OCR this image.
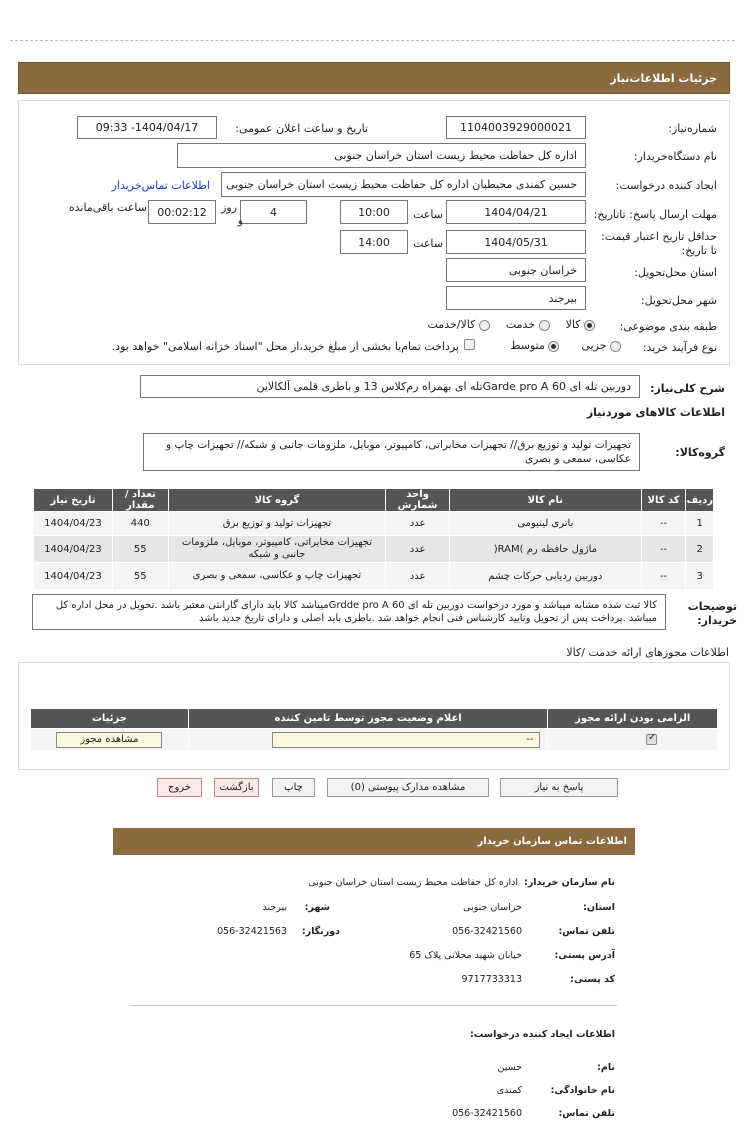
جزئیات اطلاعات‌نیاز
شماره‌نیاز:
1104003929000021
تاریخ و ساعت اعلان عمومی:
1404/04/17- 09:33
نام دستگاه‌خریدار:
اداره کل حفاظت محیط زیست استان خراسان جنوبی
ایجاد کننده درخواست:
حسین کمندی محیطبان اداره کل حفاظت محیط زیست استان خراسان جنوبی
اطلاعات تماس‌خریدار
مهلت ارسال پاسخ: تاتاریخ:
1404/04/21
ساعت
10:00
4
روز
و
00:02:12
ساعت باقی‌مانده
حداقل تاریخ اعتبار قیمت: تا تاریخ:
1404/05/31
ساعت
14:00
استان محل‌تحویل:
خراسان جنوبی
شهر محل‌تحویل:
بیرجند
طبقه بندی موضوعی:
کالا
خدمت
کالا/خدمت
نوع فرآیند خرید:
جزیی
متوسط
پرداخت تمام‌یا بخشی از مبلغ خرید،از محل "اسناد خزانه اسلامی" خواهد بود.
شرح کلی‌نیاز:
دوربین تله ای Garde pro A 60تله ای بهمراه رم‌کلاس 13 و باطری قلمی آلکالاین
اطلاعات کالاهای موردنیاز
گروه‌کالا:
تجهیزات تولید و توزیع برق// تجهیزات مخابراتی، کامپیوتر، موبایل، ملزومات جانبی و شبکه// تجهیزات چاپ و عکاسی، سمعی و بصری
ردیف	کد کالا	نام کالا	واحد شمارش	گروه کالا	تعداد / مقدار	تاریخ نیاز
1	--	باتری لیتیومی	عدد	تجهیزات تولید و توزیع برق	440	1404/04/23
2	--	ماژول حافظه رم )RAM(	عدد	تجهیزات مخابراتی، کامپیوتر، موبایل، ملزومات جانبی و شبکه	55	1404/04/23
3	--	دوربین ردیابی حرکات چشم	عدد	تجهیزات چاپ و عکاسی، سمعی و بصری	55	1404/04/23
توضیحات خریدار:
کالا ثبت شده مشابه میباشد و مورد درخواست دوربین تله ای Grdde pro A 60میباشد کالا باید دارای گارانتی معتبر باشد .تحویل در محل اداره کل میباشد .پرداخت پس از تحویل وتایید کارشناس فنی انجام خواهد شد .باطری باید اصلی و دارای تاریخ جدید باشد
اطلاعات مجوزهای ارائه خدمت /کالا
الزامی بودن ارائه مجوز	اعلام وضعیت مجوز توسط تامین کننده	جزئیات

✓	--	مشاهده مجوز
پاسخ به نیاز
مشاهده مدارک پیوستی (0)
چاپ
بازگشت
خروج
اطلاعات تماس سازمان خریدار
نام سازمان خریدار:  اداره کل حفاظت محیط زیست استان خراسان جنوبی
استان:
خراسان جنوبی
شهر:
بیرجند
تلفن تماس:
056-32421560
دورنگار:
056-32421563
آدرس پستی:
خیابان شهید محلاتی پلاک 65
کد پستی:
9717733313
اطلاعات ایجاد کننده درخواست:
نام:
حسین
نام خانوادگی:
کمندی
تلفن تماس:
056-32421560
